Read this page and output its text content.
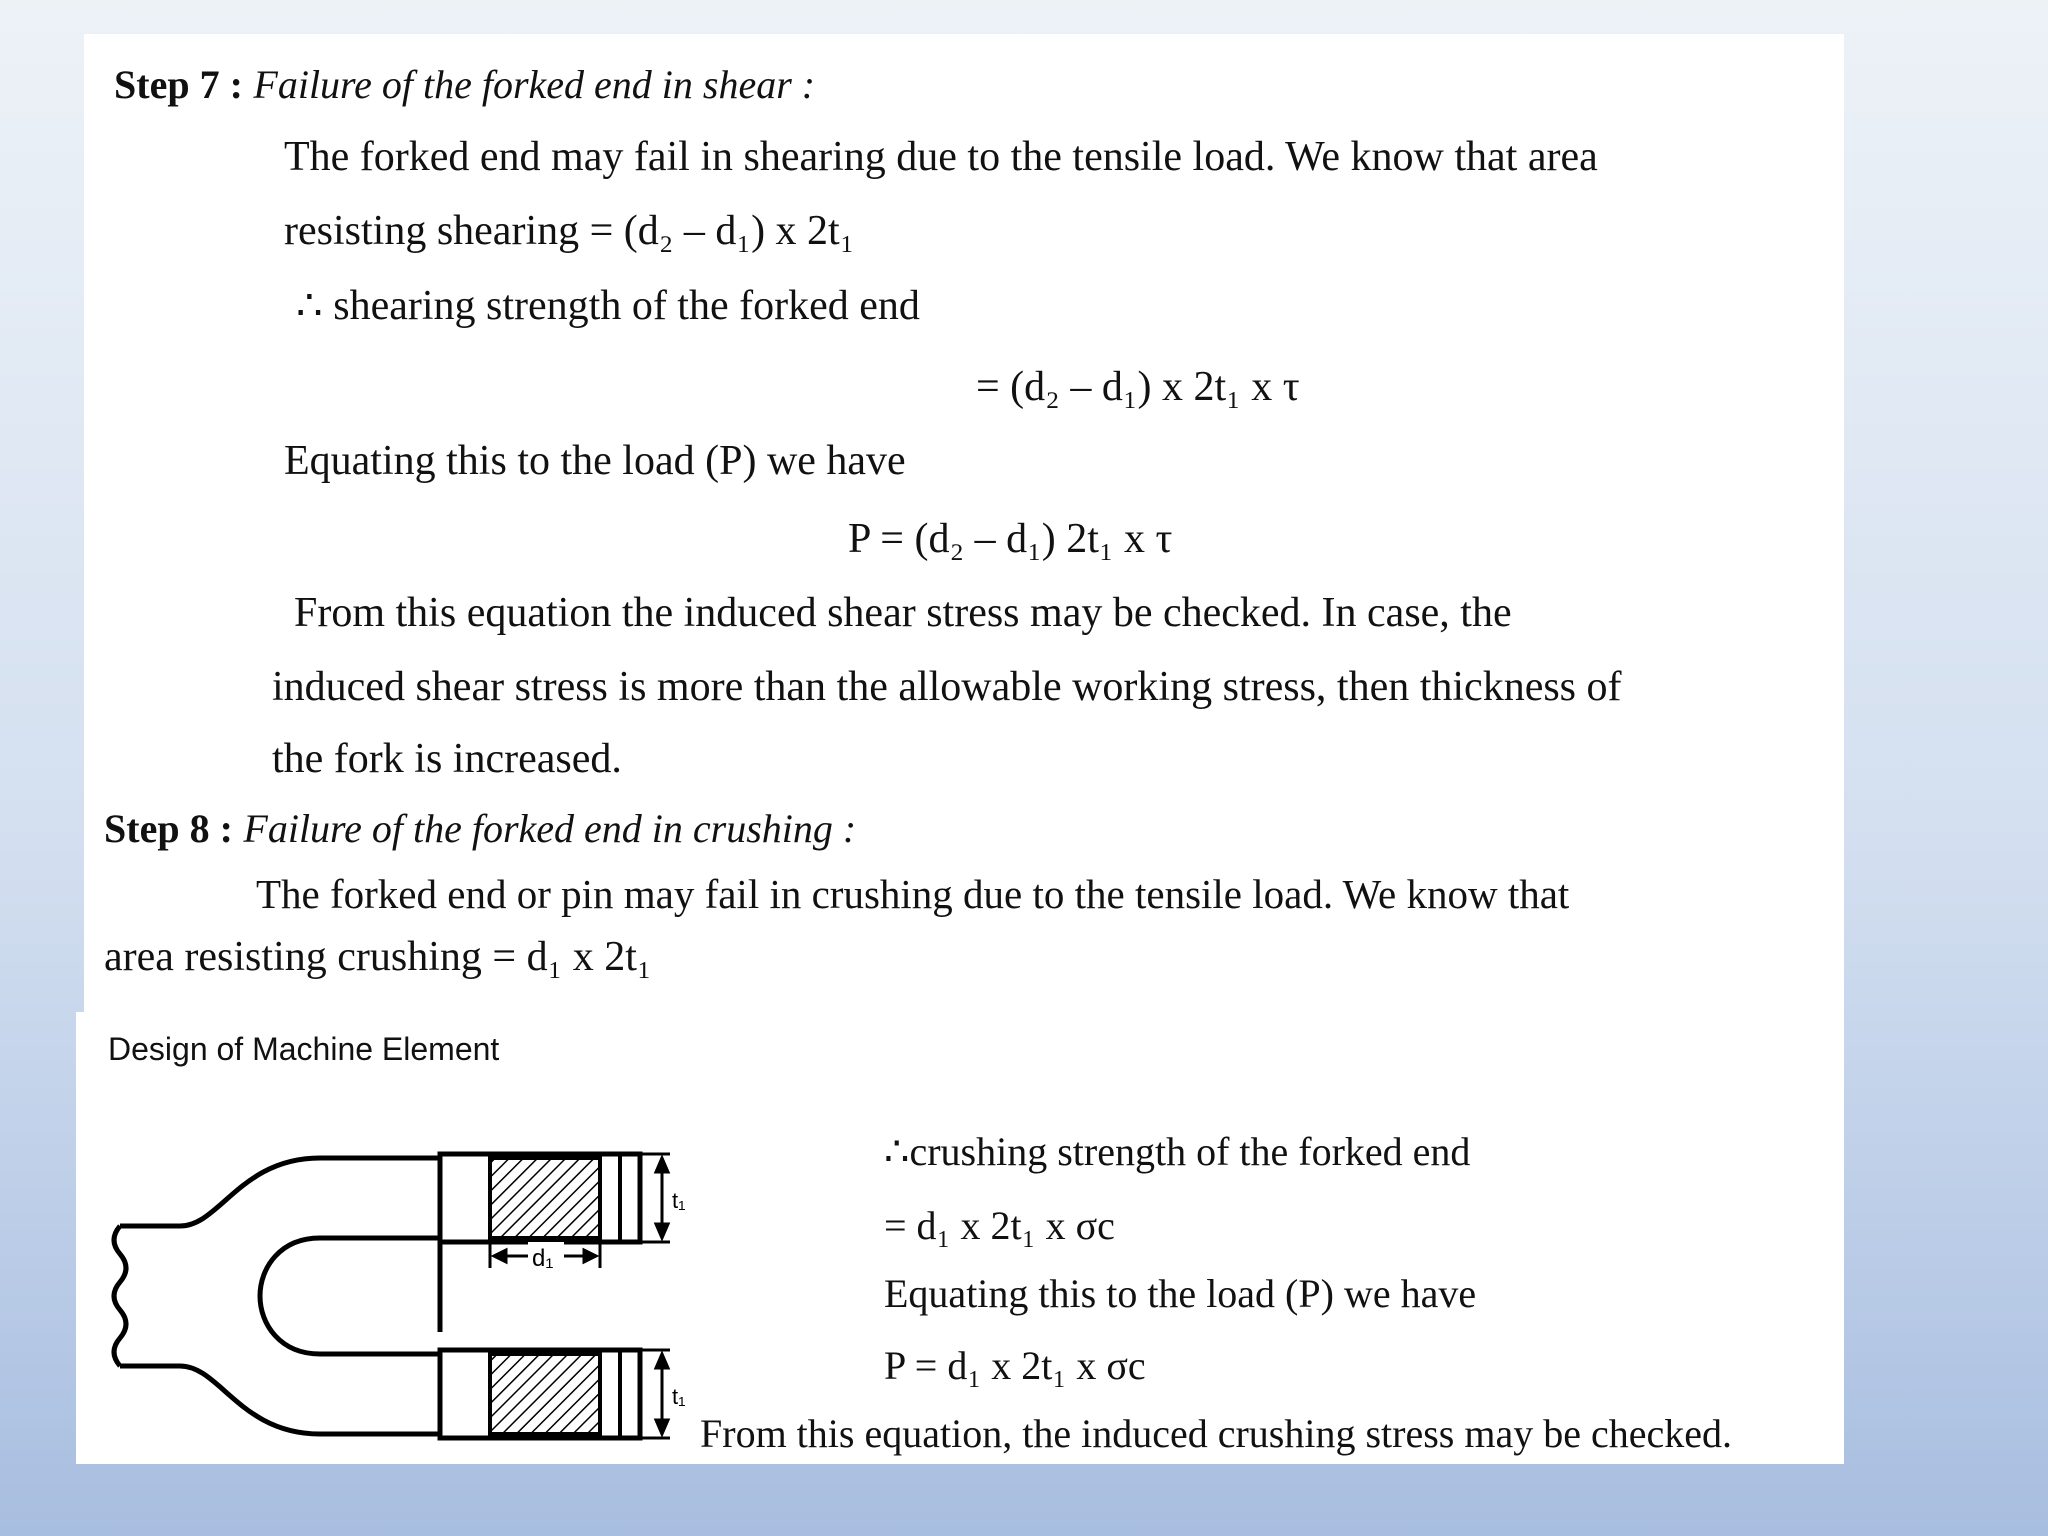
Step 7 : Failure of the forked end in shear :
The forked end may fail in shearing due to the tensile load. We know that area
resisting shearing = (d₂ – d₁) x 2t₁
∴ shearing strength of the forked end
= (d₂ – d₁) x 2t₁ x τ
Equating this to the load (P) we have
P = (d₂ – d₁) 2t₁ x τ
From this equation the induced shear stress may be checked. In case, the
induced shear stress is more than the allowable working stress, then thickness of
the fork is increased.
Step 8 : Failure of the forked end in crushing :
The forked end or pin may fail in crushing due to the tensile load. We know that
area resisting crushing = d₁ x 2t₁
Design of Machine Element
∴crushing strength of the forked end
= d₁ x 2t₁ x σc
Equating this to the load (P) we have
P = d₁ x 2t₁ x σc
From this equation, the induced crushing stress may be checked.
d₁
t₁
t₁
